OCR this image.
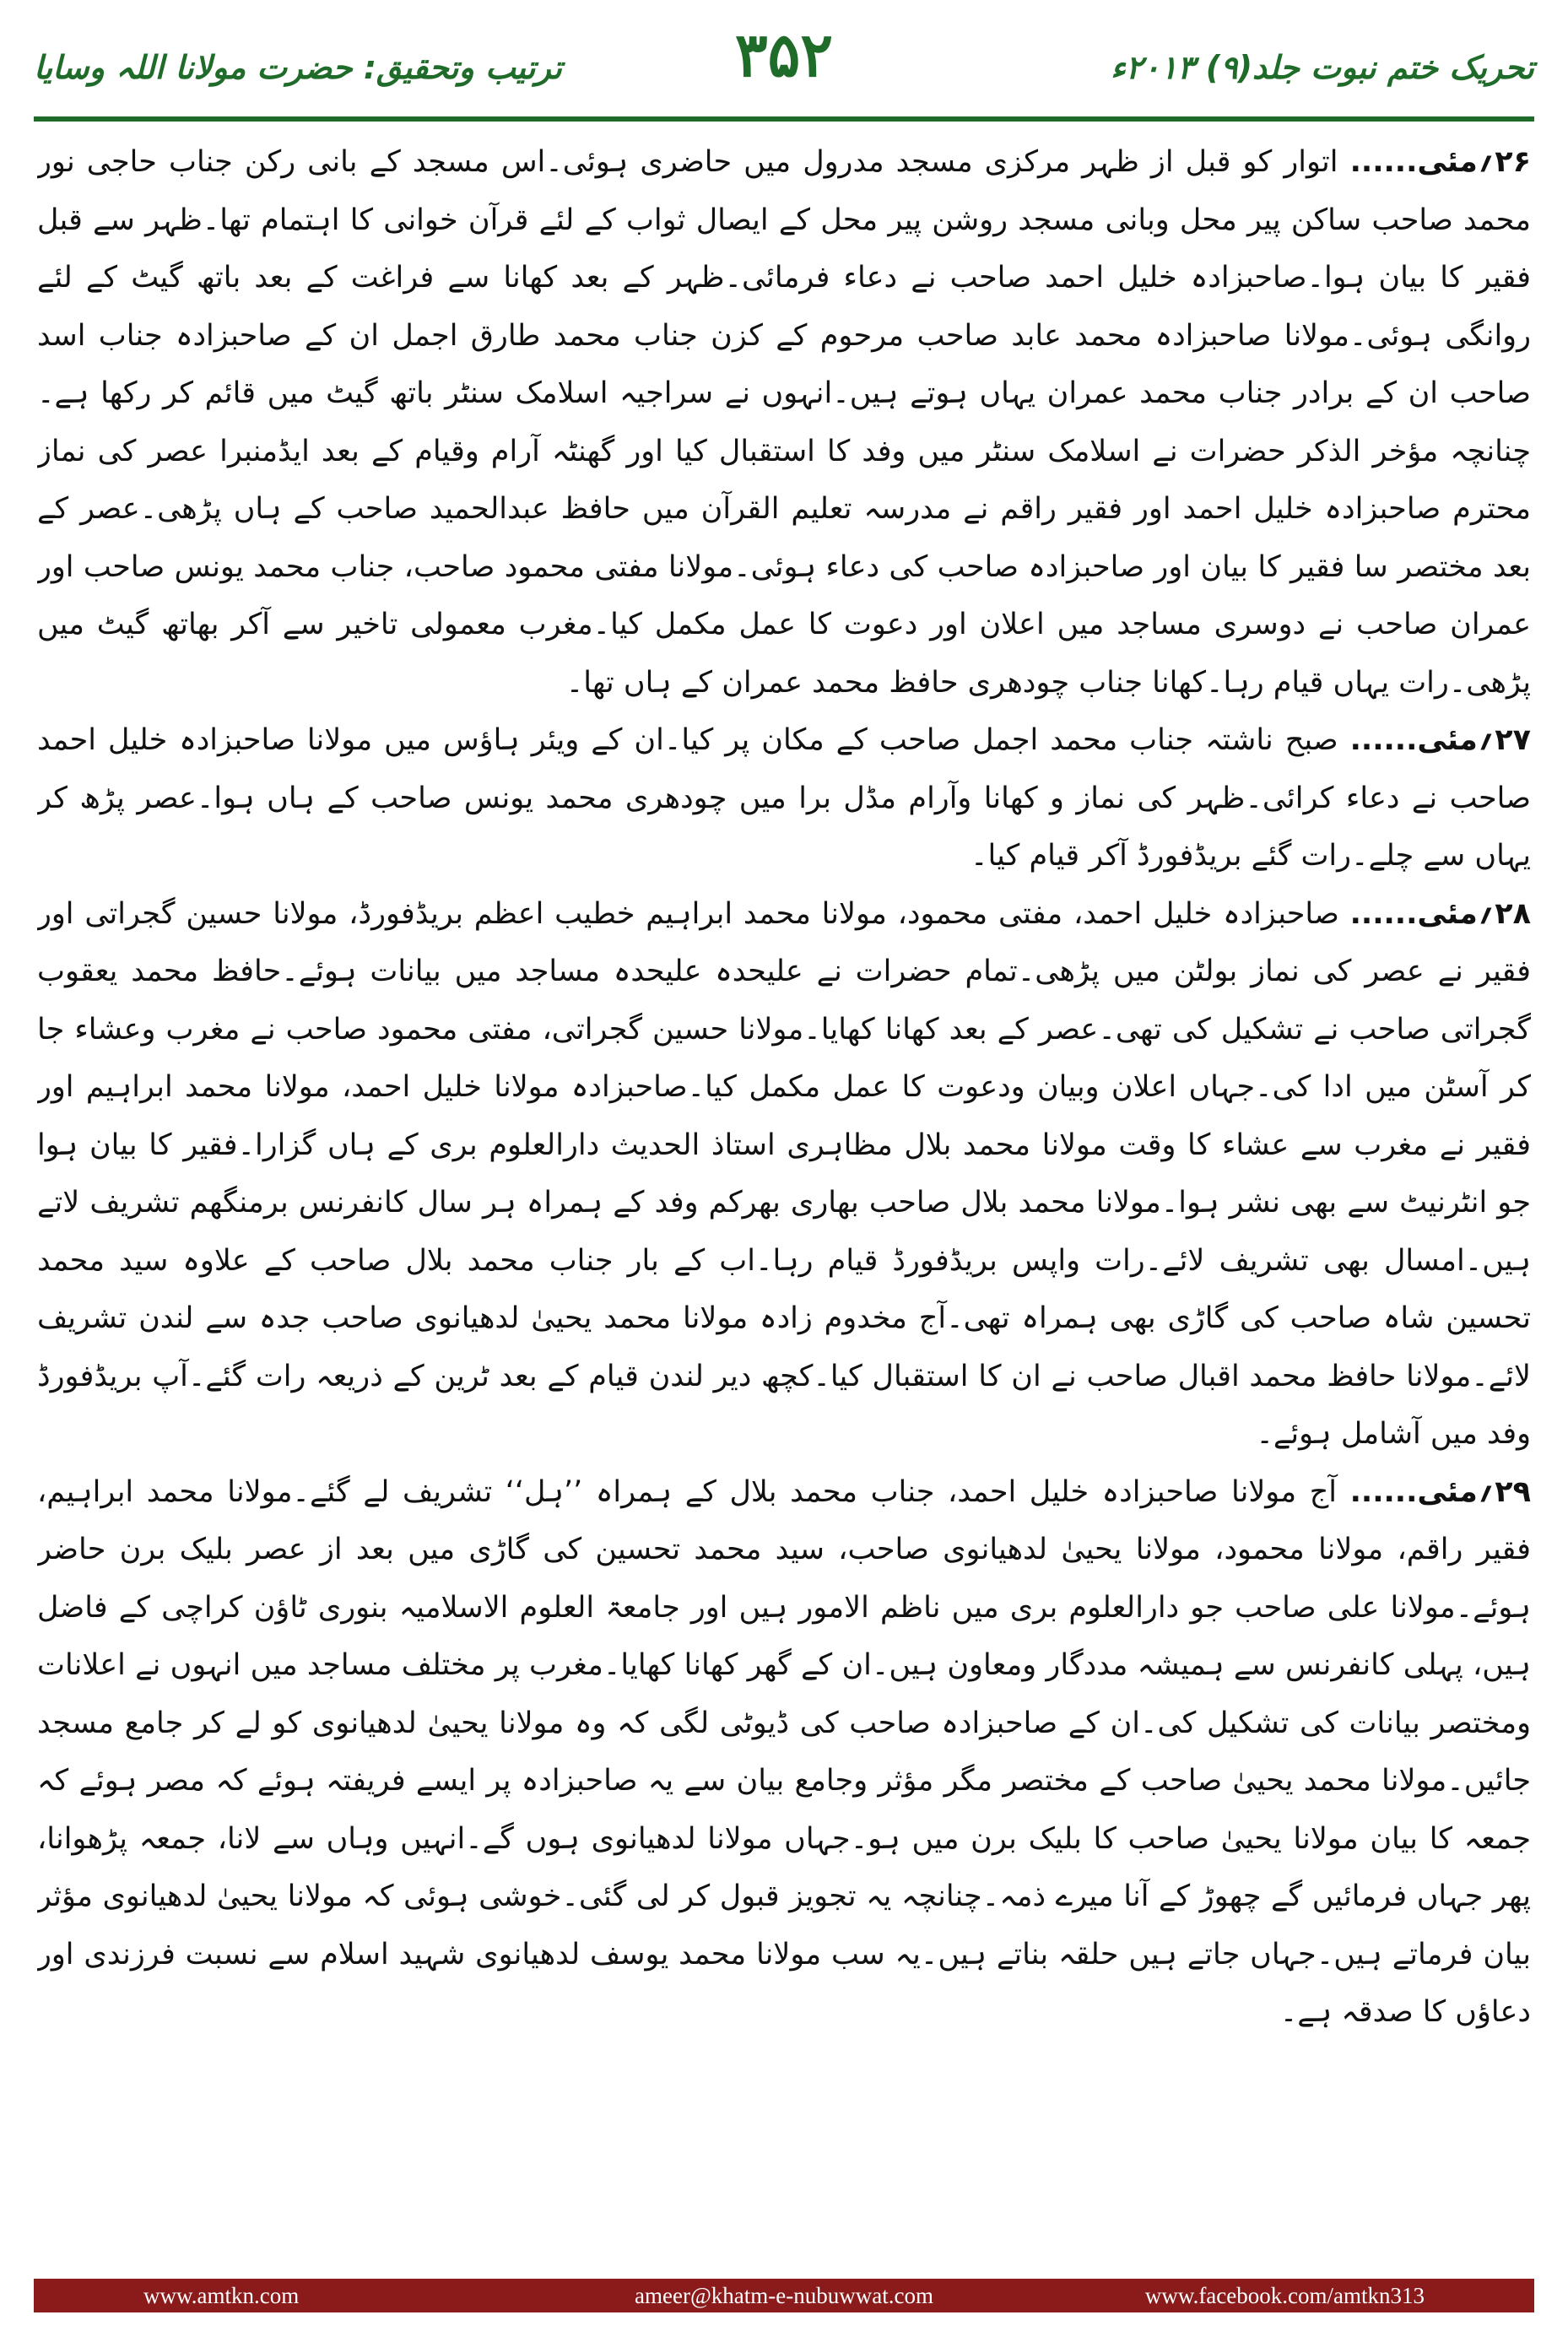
ترتیب وتحقیق: حضرت مولانا اللہ وسایا	۳۵۲	تحریک ختم نبوت جلد(۹) ۲۰۱۳ء

۲۶؍مئی...... اتوار کو قبل از ظہر مرکزی مسجد مدرول میں حاضری ہوئی۔اس مسجد کے بانی رکن جناب حاجی نور محمد صاحب ساکن پیر محل وبانی مسجد روشن پیر محل کے ایصال ثواب کے لئے قرآن خوانی کا اہتمام تھا۔ظہر سے قبل فقیر کا بیان ہوا۔صاحبزادہ خلیل احمد صاحب نے دعاء فرمائی۔ظہر کے بعد کھانا سے فراغت کے بعد باتھ گیٹ کے لئے روانگی ہوئی۔مولانا صاحبزادہ محمد عابد صاحب مرحوم کے کزن جناب محمد طارق اجمل ان کے صاحبزادہ جناب اسد صاحب ان کے برادر جناب محمد عمران یہاں ہوتے ہیں۔انہوں نے سراجیہ اسلامک سنٹر باتھ گیٹ میں قائم کر رکھا ہے۔چنانچہ مؤخر الذکر حضرات نے اسلامک سنٹر میں وفد کا استقبال کیا اور گھنٹہ آرام وقیام کے بعد ایڈمنبرا عصر کی نماز محترم صاحبزادہ خلیل احمد اور فقیر راقم نے مدرسہ تعلیم القرآن میں حافظ عبدالحمید صاحب کے ہاں پڑھی۔عصر کے بعد مختصر سا فقیر کا بیان اور صاحبزادہ صاحب کی دعاء ہوئی۔مولانا مفتی محمود صاحب، جناب محمد یونس صاحب اور عمران صاحب نے دوسری مساجد میں اعلان اور دعوت کا عمل مکمل کیا۔مغرب معمولی تاخیر سے آکر بھاتھ گیٹ میں پڑھی۔رات یہاں قیام رہا۔کھانا جناب چودھری حافظ محمد عمران کے ہاں تھا۔

۲۷؍مئی...... صبح ناشتہ جناب محمد اجمل صاحب کے مکان پر کیا۔ان کے ویئر ہاؤس میں مولانا صاحبزادہ خلیل احمد صاحب نے دعاء کرائی۔ظہر کی نماز و کھانا وآرام مڈل برا میں چودھری محمد یونس صاحب کے ہاں ہوا۔عصر پڑھ کر یہاں سے چلے۔رات گئے بریڈفورڈ آکر قیام کیا۔

۲۸؍مئی...... صاحبزادہ خلیل احمد، مفتی محمود، مولانا محمد ابراہیم خطیب اعظم بریڈفورڈ، مولانا حسین گجراتی اور فقیر نے عصر کی نماز بولٹن میں پڑھی۔تمام حضرات نے علیحدہ علیحدہ مساجد میں بیانات ہوئے۔حافظ محمد یعقوب گجراتی صاحب نے تشکیل کی تھی۔عصر کے بعد کھانا کھایا۔مولانا حسین گجراتی، مفتی محمود صاحب نے مغرب وعشاء جا کر آسٹن میں ادا کی۔جہاں اعلان وبیان ودعوت کا عمل مکمل کیا۔صاحبزادہ مولانا خلیل احمد، مولانا محمد ابراہیم اور فقیر نے مغرب سے عشاء کا وقت مولانا محمد بلال مظاہری استاذ الحدیث دارالعلوم بری کے ہاں گزارا۔فقیر کا بیان ہوا جو انٹرنیٹ سے بھی نشر ہوا۔مولانا محمد بلال صاحب بھاری بھرکم وفد کے ہمراہ ہر سال کانفرنس برمنگھم تشریف لاتے ہیں۔امسال بھی تشریف لائے۔رات واپس بریڈفورڈ قیام رہا۔اب کے بار جناب محمد بلال صاحب کے علاوہ سید محمد تحسین شاہ صاحب کی گاڑی بھی ہمراہ تھی۔آج مخدوم زادہ مولانا محمد یحییٰ لدھیانوی صاحب جدہ سے لندن تشریف لائے۔مولانا حافظ محمد اقبال صاحب نے ان کا استقبال کیا۔کچھ دیر لندن قیام کے بعد ٹرین کے ذریعہ رات گئے۔آپ بریڈفورڈ وفد میں آشامل ہوئے۔

۲۹؍مئی...... آج مولانا صاحبزادہ خلیل احمد، جناب محمد بلال کے ہمراہ ’’ہل‘‘ تشریف لے گئے۔مولانا محمد ابراہیم، فقیر راقم، مولانا محمود، مولانا یحییٰ لدھیانوی صاحب، سید محمد تحسین کی گاڑی میں بعد از عصر بلیک برن حاضر ہوئے۔مولانا علی صاحب جو دارالعلوم بری میں ناظم الامور ہیں اور جامعۃ العلوم الاسلامیہ بنوری ٹاؤن کراچی کے فاضل ہیں، پہلی کانفرنس سے ہمیشہ مددگار ومعاون ہیں۔ان کے گھر کھانا کھایا۔مغرب پر مختلف مساجد میں انہوں نے اعلانات ومختصر بیانات کی تشکیل کی۔ان کے صاحبزادہ صاحب کی ڈیوٹی لگی کہ وہ مولانا یحییٰ لدھیانوی کو لے کر جامع مسجد جائیں۔مولانا محمد یحییٰ صاحب کے مختصر مگر مؤثر وجامع بیان سے یہ صاحبزادہ پر ایسے فریفتہ ہوئے کہ مصر ہوئے کہ جمعہ کا بیان مولانا یحییٰ صاحب کا بلیک برن میں ہو۔جہاں مولانا لدھیانوی ہوں گے۔انہیں وہاں سے لانا، جمعہ پڑھوانا، پھر جہاں فرمائیں گے چھوڑ کے آنا میرے ذمہ۔چنانچہ یہ تجویز قبول کر لی گئی۔خوشی ہوئی کہ مولانا یحییٰ لدھیانوی مؤثر بیان فرماتے ہیں۔جہاں جاتے ہیں حلقہ بناتے ہیں۔یہ سب مولانا محمد یوسف لدھیانوی شہید اسلام سے نسبت فرزندی اور دعاؤں کا صدقہ ہے۔

www.amtkn.com	ameer@khatm-e-nubuwwat.com	www.facebook.com/amtkn313
